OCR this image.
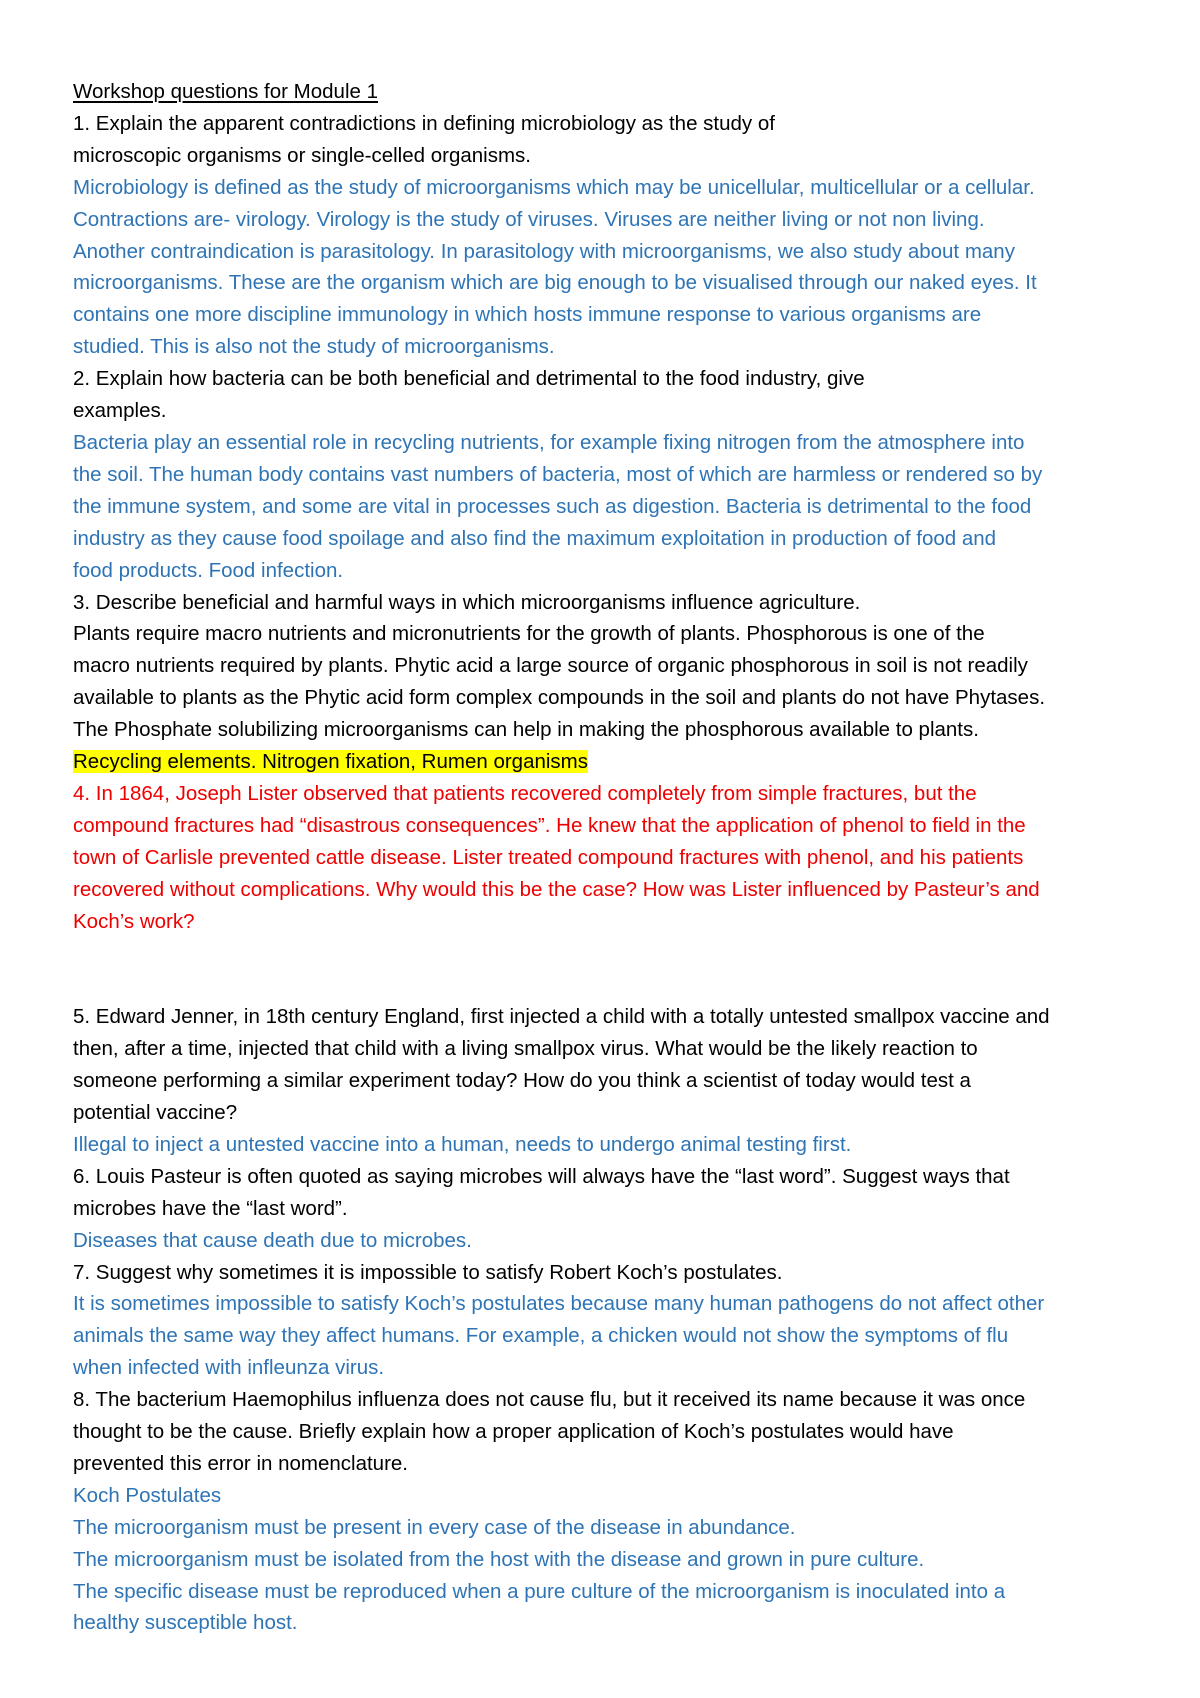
Workshop questions for Module 1
1. Explain the apparent contradictions in defining microbiology as the study of
microscopic organisms or single-celled organisms.
Microbiology is defined as the study of microorganisms which may be unicellular, multicellular or a cellular.
Contractions are- virology. Virology is the study of viruses. Viruses are neither living or not non living.
Another contraindication is parasitology. In parasitology with microorganisms, we also study about many
microorganisms. These are the organism which are big enough to be visualised through our naked eyes. It
contains one more discipline immunology in which hosts immune response to various organisms are
studied. This is also not the study of microorganisms.
2. Explain how bacteria can be both beneficial and detrimental to the food industry, give
examples.
Bacteria play an essential role in recycling nutrients, for example fixing nitrogen from the atmosphere into
the soil. The human body contains vast numbers of bacteria, most of which are harmless or rendered so by
the immune system, and some are vital in processes such as digestion. Bacteria is detrimental to the food
industry as they cause food spoilage and also find the maximum exploitation in production of food and
food products. Food infection.
3. Describe beneficial and harmful ways in which microorganisms influence agriculture.
Plants require macro nutrients and micronutrients for the growth of plants. Phosphorous is one of the
macro nutrients required by plants. Phytic acid a large source of organic phosphorous in soil is not readily
available to plants as the Phytic acid form complex compounds in the soil and plants do not have Phytases.
The Phosphate solubilizing microorganisms can help in making the phosphorous available to plants.
Recycling elements. Nitrogen fixation, Rumen organisms
4. In 1864, Joseph Lister observed that patients recovered completely from simple fractures, but the
compound fractures had “disastrous consequences”. He knew that the application of phenol to field in the
town of Carlisle prevented cattle disease. Lister treated compound fractures with phenol, and his patients
recovered without complications. Why would this be the case? How was Lister influenced by Pasteur’s and
Koch’s work?
5. Edward Jenner, in 18th century England, first injected a child with a totally untested smallpox vaccine and
then, after a time, injected that child with a living smallpox virus. What would be the likely reaction to
someone performing a similar experiment today? How do you think a scientist of today would test a
potential vaccine?
Illegal to inject a untested vaccine into a human, needs to undergo animal testing first.
6. Louis Pasteur is often quoted as saying microbes will always have the “last word”. Suggest ways that
microbes have the “last word”.
Diseases that cause death due to microbes.
7. Suggest why sometimes it is impossible to satisfy Robert Koch’s postulates.
It is sometimes impossible to satisfy Koch’s postulates because many human pathogens do not affect other
animals the same way they affect humans. For example, a chicken would not show the symptoms of flu
when infected with infleunza virus.
8. The bacterium Haemophilus influenza does not cause flu, but it received its name because it was once
thought to be the cause. Briefly explain how a proper application of Koch’s postulates would have
prevented this error in nomenclature.
Koch Postulates
The microorganism must be present in every case of the disease in abundance.
The microorganism must be isolated from the host with the disease and grown in pure culture.
The specific disease must be reproduced when a pure culture of the microorganism is inoculated into a
healthy susceptible host.
